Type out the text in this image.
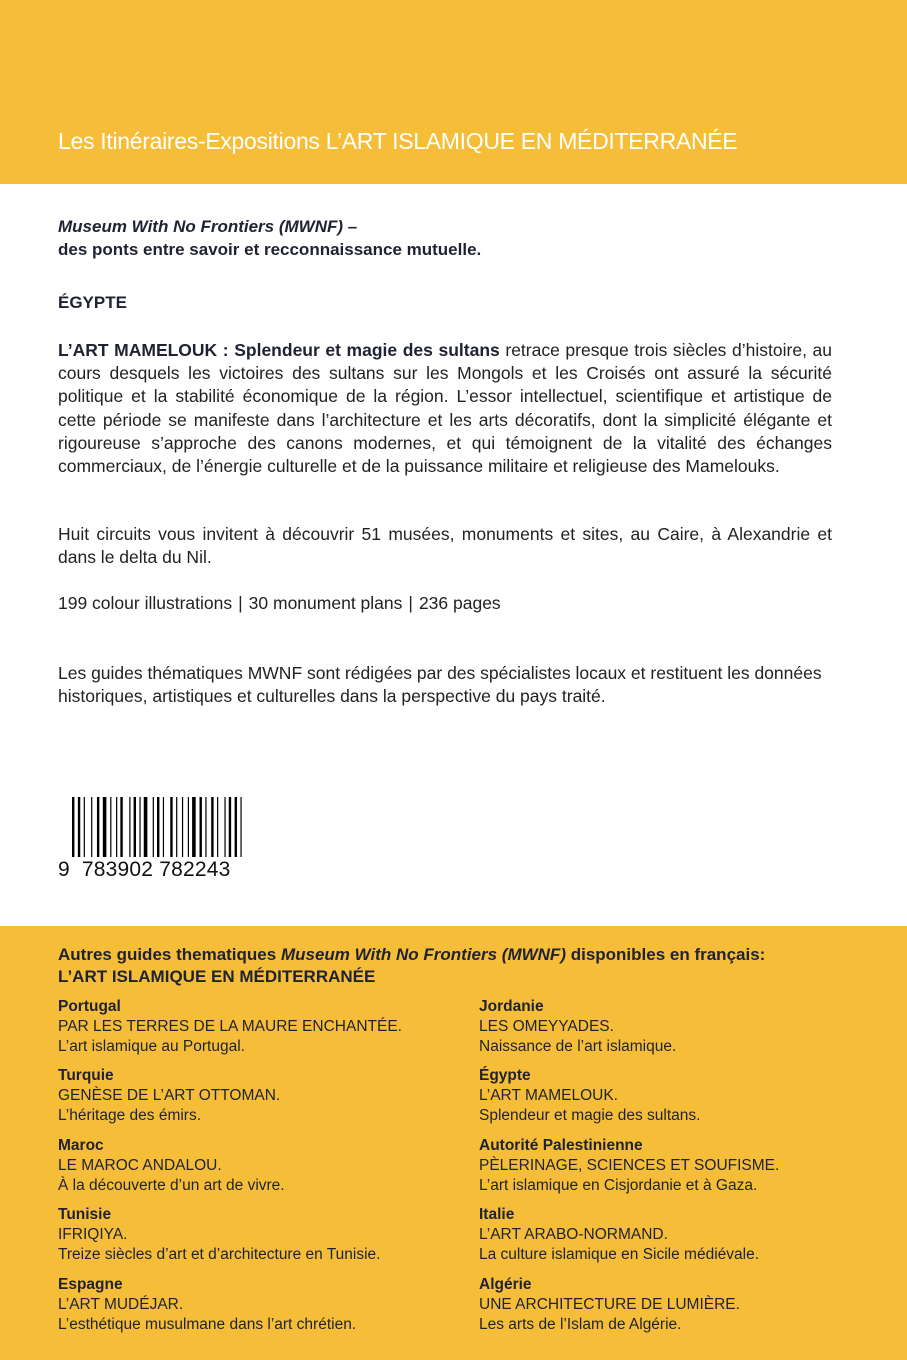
Les Itinéraires-Expositions L’ART ISLAMIQUE EN MÉDITERRANÉE
Museum With No Frontiers (MWNF) –
des ponts entre savoir et recconnaissance mutuelle.
ÉGYPTE
L’ART MAMELOUK : Splendeur et magie des sultans retrace presque trois siècles d’histoire, au cours desquels les victoires des sultans sur les Mongols et les Croisés ont assuré la sécurité politique et la stabilité économique de la région. L’essor intellectuel, scientifique et artistique de cette période se manifeste dans l’architecture et les arts décoratifs, dont la simplicité élégante et rigoureuse s’approche des canons modernes, et qui témoignent de la vitalité des échanges commerciaux, de l’énergie culturelle et de la puissance militaire et religieuse des Mamelouks.
Huit circuits vous invitent à découvrir 51 musées, monuments et sites, au Caire, à Alexandrie et dans le delta du Nil.
199 colour illustrations | 30 monument plans | 236 pages
Les guides thématiques MWNF sont rédigées par des spécialistes locaux et restituent les données historiques, artistiques et culturelles dans la perspective du pays traité.
9 783902 782243
Autres guides thematiques Museum With No Frontiers (MWNF) disponibles en français:
L’ART ISLAMIQUE EN MÉDITERRANÉE
Portugal
PAR LES TERRES DE LA MAURE ENCHANTÉE.
L’art islamique au Portugal.
Turquie
GENÈSE DE L’ART OTTOMAN.
L’héritage des émirs.
Maroc
LE MAROC ANDALOU.
À la découverte d’un art de vivre.
Tunisie
IFRIQIYA.
Treize siècles d’art et d’architecture en Tunisie.
Espagne
L’ART MUDÉJAR.
L’esthétique musulmane dans l’art chrétien.
Jordanie
LES OMEYYADES.
Naissance de l’art islamique.
Égypte
L’ART MAMELOUK.
Splendeur et magie des sultans.
Autorité Palestinienne
PÈLERINAGE, SCIENCES ET SOUFISME.
L’art islamique en Cisjordanie et à Gaza.
Italie
L’ART ARABO-NORMAND.
La culture islamique en Sicile médiévale.
Algérie
UNE ARCHITECTURE DE LUMIÈRE.
Les arts de l’Islam de Algérie.
